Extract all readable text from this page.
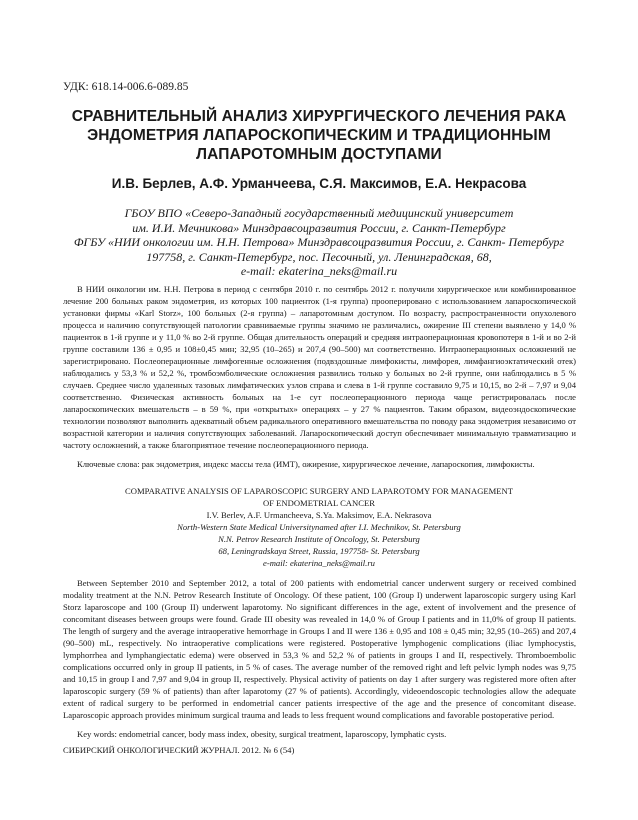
УДК: 618.14-006.6-089.85
СРАВНИТЕЛЬНЫЙ АНАЛИЗ ХИРУРГИЧЕСКОГО ЛЕЧЕНИЯ РАКА ЭНДОМЕТРИЯ ЛАПАРОСКОПИЧЕСКИМ И ТРАДИЦИОННЫМ ЛАПАРОТОМНЫМ ДОСТУПАМИ
И.В. Берлев, А.Ф. Урманчеева, С.Я. Максимов, Е.А. Некрасова
ГБОУ ВПО «Северо-Западный государственный медицинский университет
им. И.И. Мечникова» Минздравсоцразвития России, г. Санкт-Петербург
ФГБУ «НИИ онкологии им. Н.Н. Петрова» Минздравсоцразвития России, г. Санкт- Петербург
197758, г. Санкт-Петербург, пос. Песочный, ул. Ленинградская, 68,
e-mail: ekaterina_neks@mail.ru
В НИИ онкологии им. Н.Н. Петрова в период с сентября 2010 г. по сентябрь 2012 г. получили хирургическое или комбинированное лечение 200 больных раком эндометрия, из которых 100 пациенток (1-я группа) прооперировано с использованием лапароскопической установки фирмы «Karl Storz», 100 больных (2-я группа) – лапаротомным доступом. По возрасту, распространенности опухолевого процесса и наличию сопутствующей патологии сравниваемые группы значимо не различались, ожирение III степени выявлено у 14,0 % пациенток в 1-й группе и у 11,0 % во 2-й группе. Общая длительность операций и средняя интраоперационная кровопотеря в 1-й и во 2-й группе составили 136 ± 0,95 и 108±0,45 мин; 32,95 (10–265) и 207,4 (90–500) мл соответственно. Интраоперационных осложнений не зарегистрировано. Послеоперационные лимфогенные осложнения (подвздошные лимфокисты, лимфорея, лимфангиоэктатический отек) наблюдались у 53,3 % и 52,2 %, тромбоэмболические осложнения развились только у больных во 2-й группе, они наблюдались в 5 % случаев. Среднее число удаленных тазовых лимфатических узлов справа и слева в 1-й группе составило 9,75 и 10,15, во 2-й – 7,97 и 9,04 соответственно. Физическая активность больных на 1-е сут послеоперационного периода чаще регистрировалась после лапароскопических вмешательств – в 59 %, при «открытых» операциях – у 27 % пациентов. Таким образом, видеоэндоскопические технологии позволяют выполнить адекватный объем радикального оперативного вмешательства по поводу рака эндометрия независимо от возрастной категории и наличия сопутствующих заболеваний. Лапароскопический доступ обеспечивает минимальную травматизацию и частоту осложнений, а также благоприятное течение послеоперационного периода.
Ключевые слова: рак эндометрия, индекс массы тела (ИМТ), ожирение, хирургическое лечение, лапароскопия, лимфокисты.
COMPARATIVE ANALYSIS OF LAPAROSCOPIC SURGERY AND LAPAROTOMY FOR MANAGEMENT
OF ENDOMETRIAL CANCER
I.V. Berlev, A.F. Urmancheeva, S.Ya. Maksimov, E.A. Nekrasova
North-Western State Medical Universitynamed after I.I. Mechnikov, St. Petersburg
N.N. Petrov Research Institute of Oncology, St. Petersburg
68, Leningradskaya Street, Russia, 197758- St. Petersburg
e-mail: ekaterina_neks@mail.ru
Between September 2010 and September 2012, a total of 200 patients with endometrial cancer underwent surgery or received combined modality treatment at the N.N. Petrov Research Institute of Oncology. Of these patient, 100 (Group I) underwent laparoscopic surgery using Karl Storz laparoscope and 100 (Group II) underwent laparotomy. No significant differences in the age, extent of involvement and the presence of concomitant diseases between groups were found. Grade III obesity was revealed in 14,0 % of Group I patients and in 11,0% of group II patients. The length of surgery and the average intraoperative hemorrhage in Groups I and II were 136 ± 0,95 and 108 ± 0,45 min; 32,95 (10–265) and 207,4 (90–500) mL, respectively. No intraoperative complications were registered. Postoperative lymphogenic complications (iliac lymphocystis, lymphorrhea and lymphangiectatic edema) were observed in 53,3 % and 52,2 % of patients in groups I and II, respectively. Thromboembolic complications occurred only in group II patients, in 5 % of cases. The average number of the removed right and left pelvic lymph nodes was 9,75 and 10,15 in group I and 7,97 and 9,04 in group II, respectively. Physical activity of patients on day 1 after surgery was registered more often after laparoscopic surgery (59 % of patients) than after laparotomy (27 % of patients). Accordingly, videoendoscopic technologies allow the adequate extent of radical surgery to be performed in endometrial cancer patients irrespective of the age and the presence of concomitant disease. Laparoscopic approach provides minimum surgical trauma and leads to less frequent wound complications and favorable postoperative period.
Key words: endometrial cancer, body mass index, obesity, surgical treatment, laparoscopy, lymphatic cysts.
СИБИРСКИЙ ОНКОЛОГИЧЕСКИЙ ЖУРНАЛ. 2012. № 6 (54)
